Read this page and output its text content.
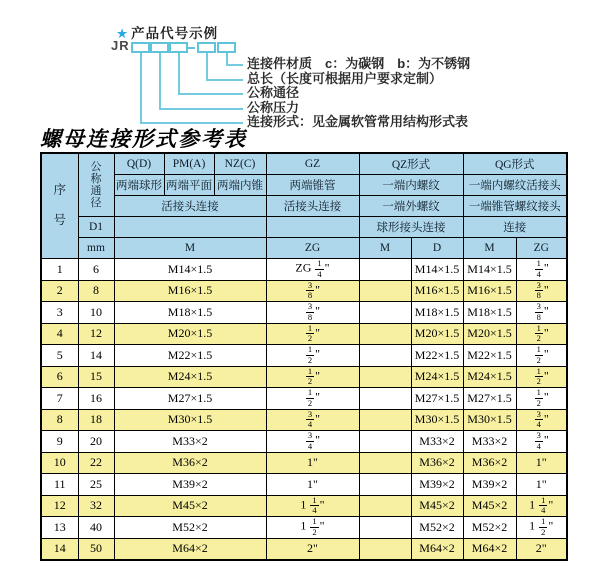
★ 产品代号示例
JR
连接件材质　c：为碳钢　b：为不锈钢
总长（长度可根据用户要求定制）
公称通径
公称压力
连接形式：见金属软管常用结构形式表
螺母连接形式参考表
序
号	公
称
通
径	Q(D)	PM(A)	NZ(C)	GZ	QZ形式		QG形式	
		两端球形	两端平面	两端内锥	两端锥管	一端内螺纹		一端内螺纹活接头	
		活接头连接			活接头连接	一端外螺纹		一端锥管螺纹接头	
	D1					球形接头连接		连接	
	mm	M			ZG	M	D	M	ZG
1	6	M14×1.5			ZG $\frac{1}{4}$ "		M14×1.5	M14×1.5	$\frac{1}{4}$ "
2	8	M16×1.5			$\frac{3}{8}$ "		M16×1.5	M16×1.5	$\frac{3}{8}$ "
3	10	M18×1.5			$\frac{3}{8}$ "		M18×1.5	M18×1.5	$\frac{3}{8}$ "
4	12	M20×1.5			$\frac{1}{2}$ "		M20×1.5	M20×1.5	$\frac{1}{2}$ "
5	14	M22×1.5			$\frac{1}{2}$ "		M22×1.5	M22×1.5	$\frac{1}{2}$ "
6	15	M24×1.5			$\frac{1}{2}$ "		M24×1.5	M24×1.5	$\frac{1}{2}$ "
7	16	M27×1.5			$\frac{1}{2}$ "		M27×1.5	M27×1.5	$\frac{1}{2}$ "
8	18	M30×1.5			$\frac{3}{4}$ "		M30×1.5	M30×1.5	$\frac{3}{4}$ "
9	20	M33×2			$\frac{3}{4}$ "		M33×2	M33×2	$\frac{3}{4}$ "
10	22	M36×2			1"		M36×2	M36×2	1"
11	25	M39×2			1"		M39×2	M39×2	1"
12	32	M45×2			$1 \frac{1}{4}$ "		M45×2	M45×2	$1 \frac{1}{4}$ "
13	40	M52×2			$1 \frac{1}{2}$ "		M52×2	M52×2	$1 \frac{1}{2}$ "
14	50	M64×2			2"		M64×2	M64×2	2"
